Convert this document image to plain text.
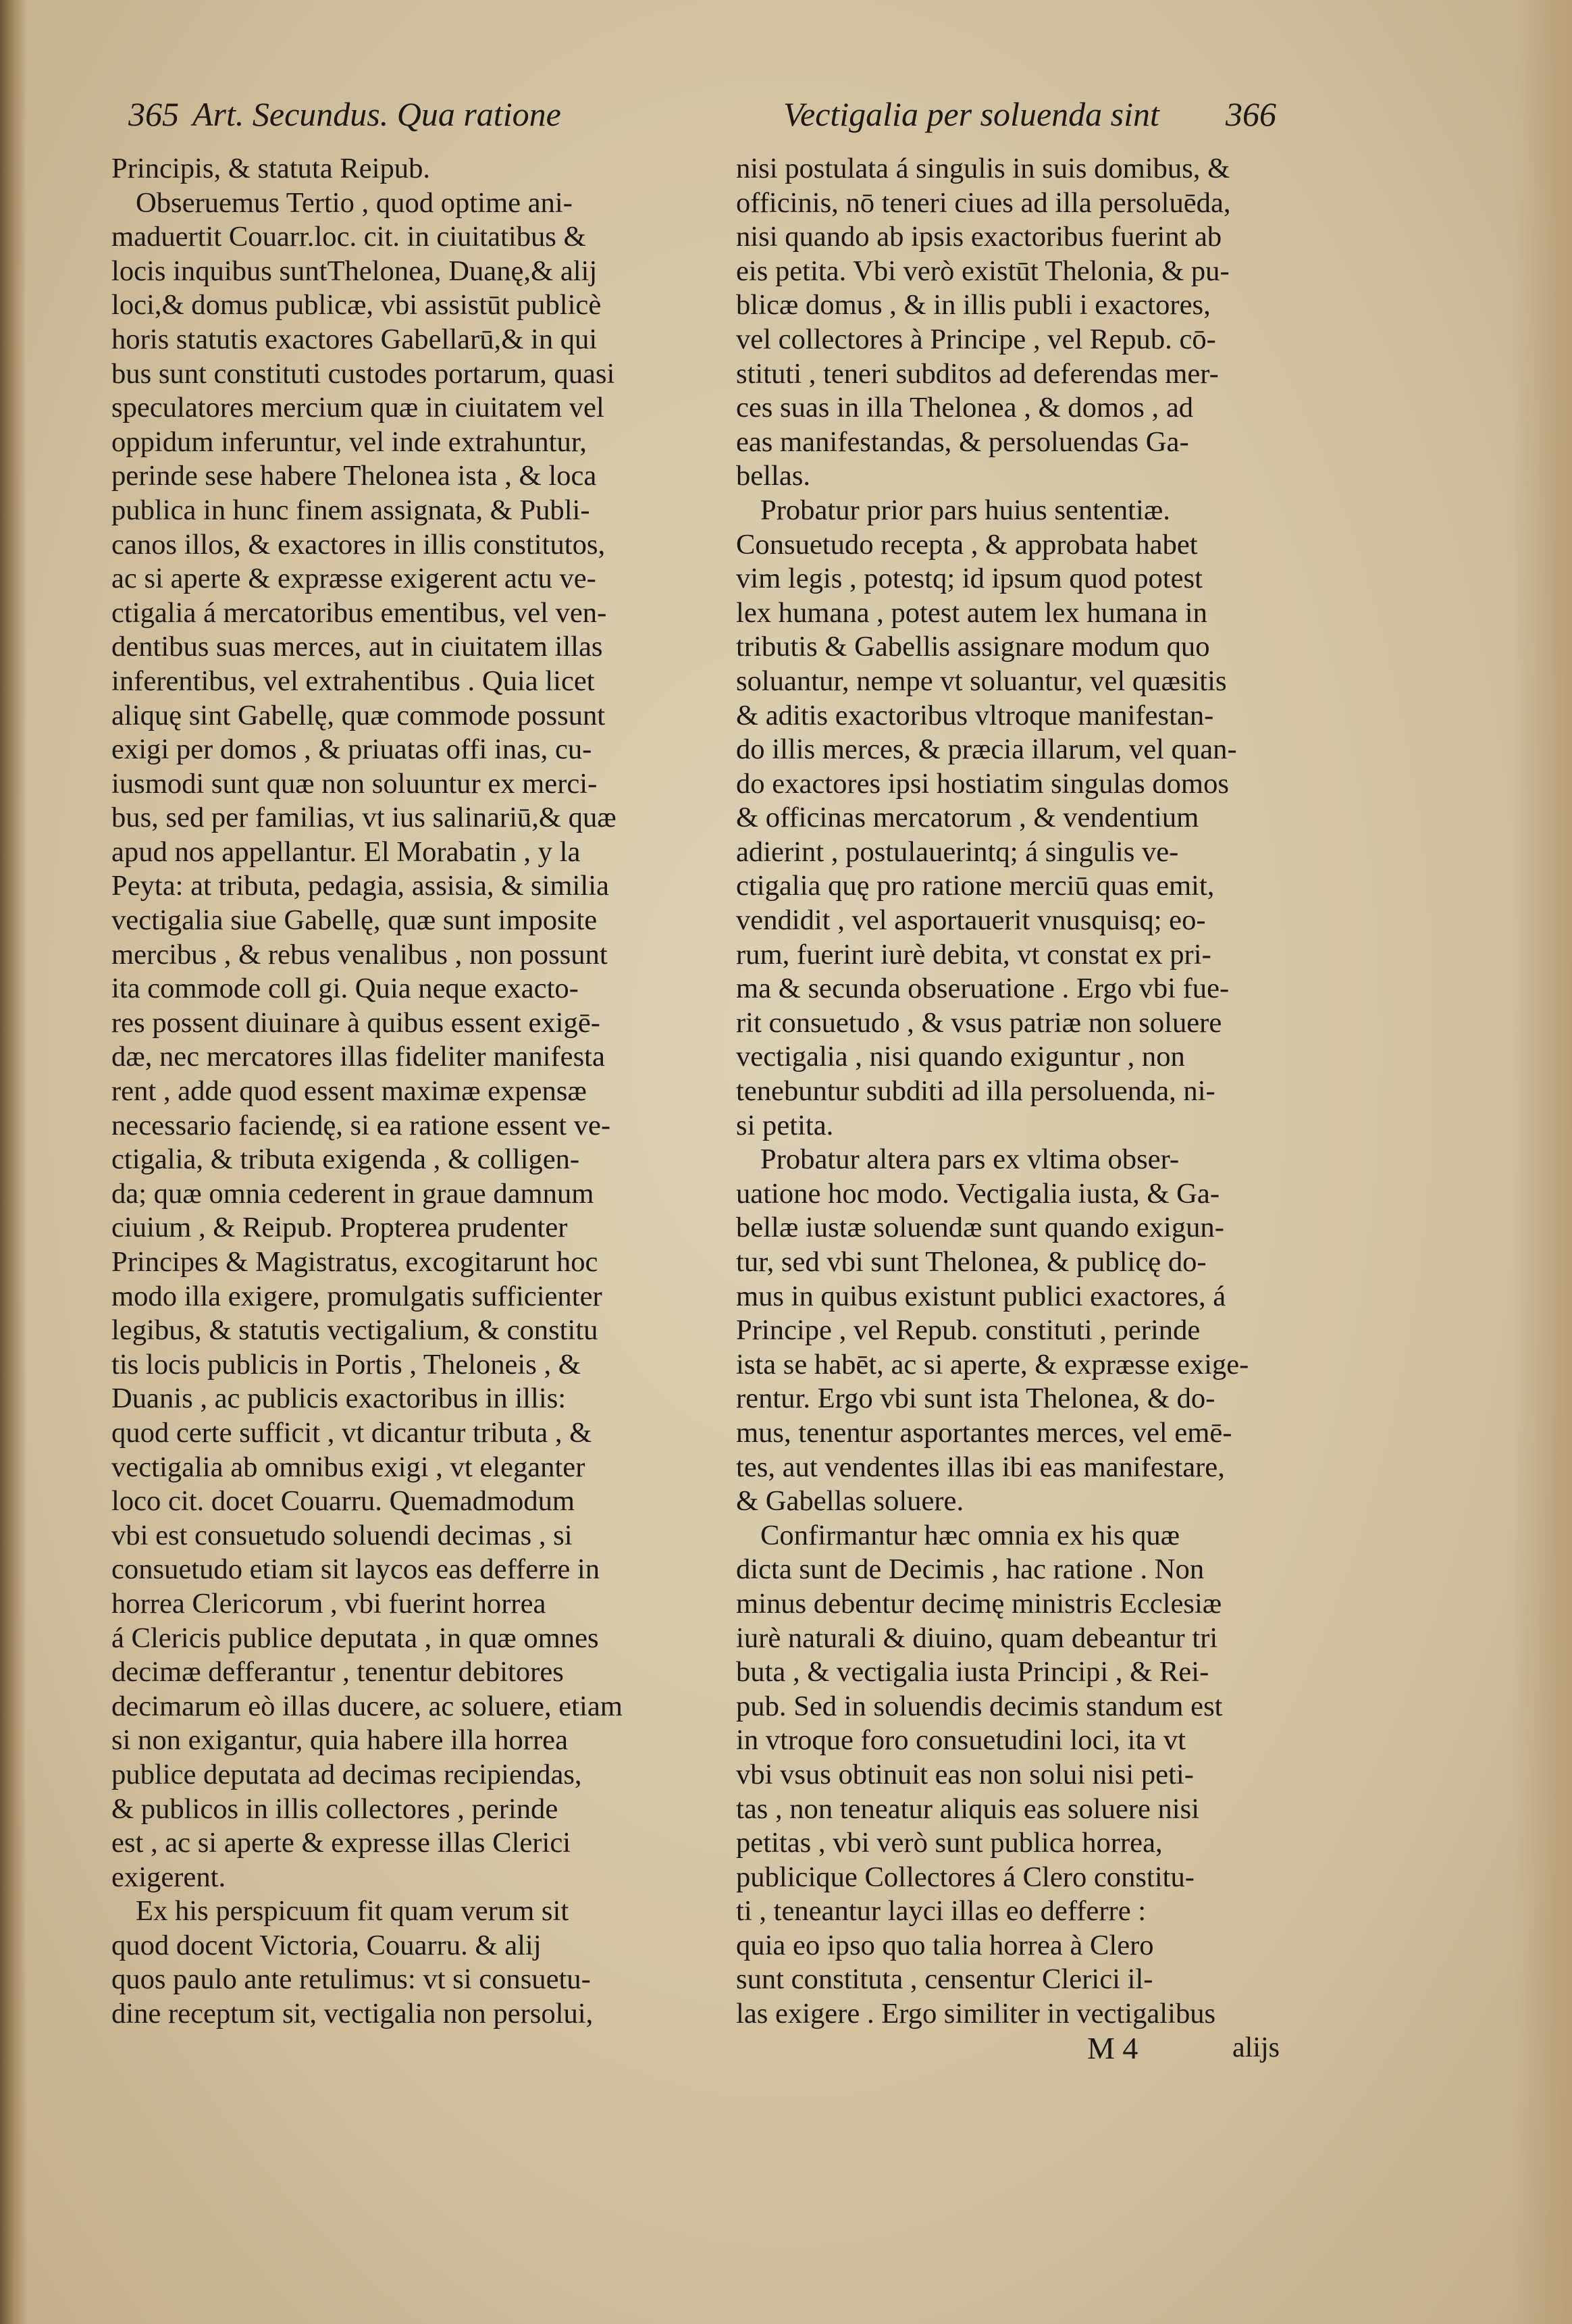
365 Art. Secundus. Qua ratione	Vectigalia per soluenda sint 366
Principis, & statuta Reipub.
Obseruemus Tertio , quod optime ani-
maduertit Couarr.loc. cit. in ciuitatibus &
locis inquibus suntThelonea, Duanę,& alij
loci,& domus publicæ, vbi assistūt publicè
horis statutis exactores Gabellarū,& in qui
bus sunt constituti custodes portarum, quasi
speculatores mercium quæ in ciuitatem vel
oppidum inferuntur, vel inde extrahuntur,
perinde sese habere Thelonea ista , & loca
publica in hunc finem assignata, & Publi-
canos illos, & exactores in illis constitutos,
ac si aperte & expræsse exigerent actu ve-
ctigalia á mercatoribus ementibus, vel ven-
dentibus suas merces, aut in ciuitatem illas
inferentibus, vel extrahentibus . Quia licet
aliquę sint Gabellę, quæ commode possunt
exigi per domos , & priuatas offi inas, cu-
iusmodi sunt quæ non soluuntur ex merci-
bus, sed per familias, vt ius salinariū,& quæ
apud nos appellantur. El Morabatin , y la
Peyta: at tributa, pedagia, assisia, & similia
vectigalia siue Gabellę, quæ sunt imposite
mercibus , & rebus venalibus , non possunt
ita commode coll gi. Quia neque exacto-
res possent diuinare à quibus essent exigē-
dæ, nec mercatores illas fideliter manifesta
rent , adde quod essent maximæ expensæ
necessario faciendę, si ea ratione essent ve-
ctigalia, & tributa exigenda , & colligen-
da; quæ omnia cederent in graue damnum
ciuium , & Reipub. Propterea prudenter
Principes & Magistratus, excogitarunt hoc
modo illa exigere, promulgatis sufficienter
legibus, & statutis vectigalium, & constitu
tis locis publicis in Portis , Theloneis , &
Duanis , ac publicis exactoribus in illis:
quod certe sufficit , vt dicantur tributa , &
vectigalia ab omnibus exigi , vt eleganter
loco cit. docet Couarru. Quemadmodum
vbi est consuetudo soluendi decimas , si
consuetudo etiam sit laycos eas defferre in
horrea Clericorum , vbi fuerint horrea
á Clericis publice deputata , in quæ omnes
decimæ defferantur , tenentur debitores
decimarum eò illas ducere, ac soluere, etiam
si non exigantur, quia habere illa horrea
publice deputata ad decimas recipiendas,
& publicos in illis collectores , perinde
est , ac si aperte & expresse illas Clerici
exigerent.
Ex his perspicuum fit quam verum sit
quod docent Victoria, Couarru. & alij
quos paulo ante retulimus: vt si consuetu-
dine receptum sit, vectigalia non persolui,
nisi postulata á singulis in suis domibus, &
officinis, nō teneri ciues ad illa persoluēda,
nisi quando ab ipsis exactoribus fuerint ab
eis petita. Vbi verò existūt Thelonia, & pu-
blicæ domus , & in illis publi i exactores,
vel collectores à Principe , vel Repub. cō-
stituti , teneri subditos ad deferendas mer-
ces suas in illa Thelonea , & domos , ad
eas manifestandas, & persoluendas Ga-
bellas.
Probatur prior pars huius sententiæ.
Consuetudo recepta , & approbata habet
vim legis , potestq; id ipsum quod potest
lex humana , potest autem lex humana in
tributis & Gabellis assignare modum quo
soluantur, nempe vt soluantur, vel quæsitis
& aditis exactoribus vltroque manifestan-
do illis merces, & præcia illarum, vel quan-
do exactores ipsi hostiatim singulas domos
& officinas mercatorum , & vendentium
adierint , postulauerintq; á singulis ve-
ctigalia quę pro ratione merciū quas emit,
vendidit , vel asportauerit vnusquisq; eo-
rum, fuerint iurè debita, vt constat ex pri-
ma & secunda obseruatione . Ergo vbi fue-
rit consuetudo , & vsus patriæ non soluere
vectigalia , nisi quando exiguntur , non
tenebuntur subditi ad illa persoluenda, ni-
si petita.
Probatur altera pars ex vltima obser-
uatione hoc modo. Vectigalia iusta, & Ga-
bellæ iustæ soluendæ sunt quando exigun-
tur, sed vbi sunt Thelonea, & publicę do-
mus in quibus existunt publici exactores, á
Principe , vel Repub. constituti , perinde
ista se habēt, ac si aperte, & expræsse exige-
rentur. Ergo vbi sunt ista Thelonea, & do-
mus, tenentur asportantes merces, vel emē-
tes, aut vendentes illas ibi eas manifestare,
& Gabellas soluere.
Confirmantur hæc omnia ex his quæ
dicta sunt de Decimis , hac ratione . Non
minus debentur decimę ministris Ecclesiæ
iurè naturali & diuino, quam debeantur tri
buta , & vectigalia iusta Principi , & Rei-
pub. Sed in soluendis decimis standum est
in vtroque foro consuetudini loci, ita vt
vbi vsus obtinuit eas non solui nisi peti-
tas , non teneatur aliquis eas soluere nisi
petitas , vbi verò sunt publica horrea,
publicique Collectores á Clero constitu-
ti , teneantur layci illas eo defferre :
quia eo ipso quo talia horrea à Clero
sunt constituta , censentur Clerici il-
las exigere . Ergo similiter in vectigalibus
M 4	alijs
